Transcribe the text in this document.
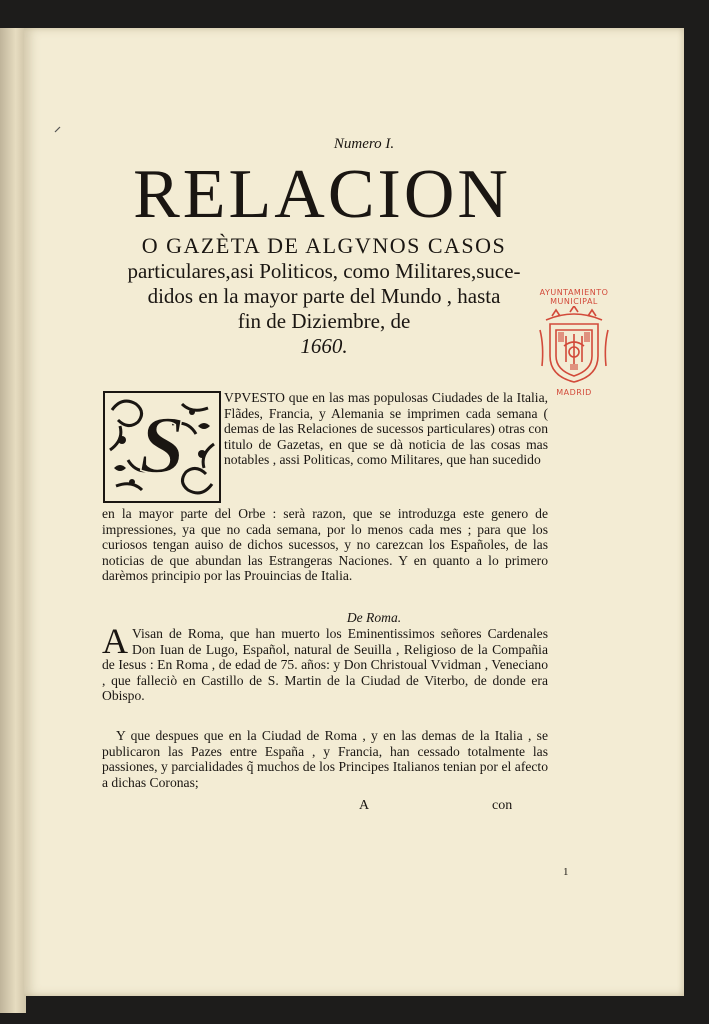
Numero I.
RELACION
O GAZÈTA DE ALGVNOS CASOS
particulares,asi Politicos, como Militares,suce-
didos en la mayor parte del Mundo , hasta
fin de Diziembre, de
1660.
AYUNTAMIENTO MUNICIPAL
MADRID
S
VPVESTO que en las mas populosas Ciudades de la Italia, Flãdes, Francia, y Alemania se imprimen cada semana ( demas de las Relaciones de sucessos particulares) otras con titulo de Gazetas, en que se dà noticia de las cosas mas notables , assi Politicas, como Militares, que han sucedido
en la mayor parte del Orbe : serà razon, que se introduzga este genero de impressiones, ya que no cada semana, por lo menos cada mes ; para que los curiosos tengan auiso de dichos sucessos, y no carezcan los Españoles, de las noticias de que abundan las Estrangeras Naciones. Y en quanto a lo primero darèmos principio por las Prouincias de Italia.
De Roma.
A Visan de Roma, que han muerto los Eminentissimos señores Cardenales Don Iuan de Lugo, Español, natural de Seuilla , Religioso de la Compañia de Iesus : En Roma , de edad de 75. años: y Don Christoual Vvidman , Veneciano , que falleciò en Castillo de S. Martin de la Ciudad de Viterbo, de donde era Obispo.
Y que despues que en la Ciudad de Roma , y en las demas de la Italia , se publicaron las Pazes entre España , y Francia, han cessado totalmente las passiones, y parcialidades q̃ muchos de los Principes Italianos tenian por el afecto a dichas Coronas;
A	con
1
